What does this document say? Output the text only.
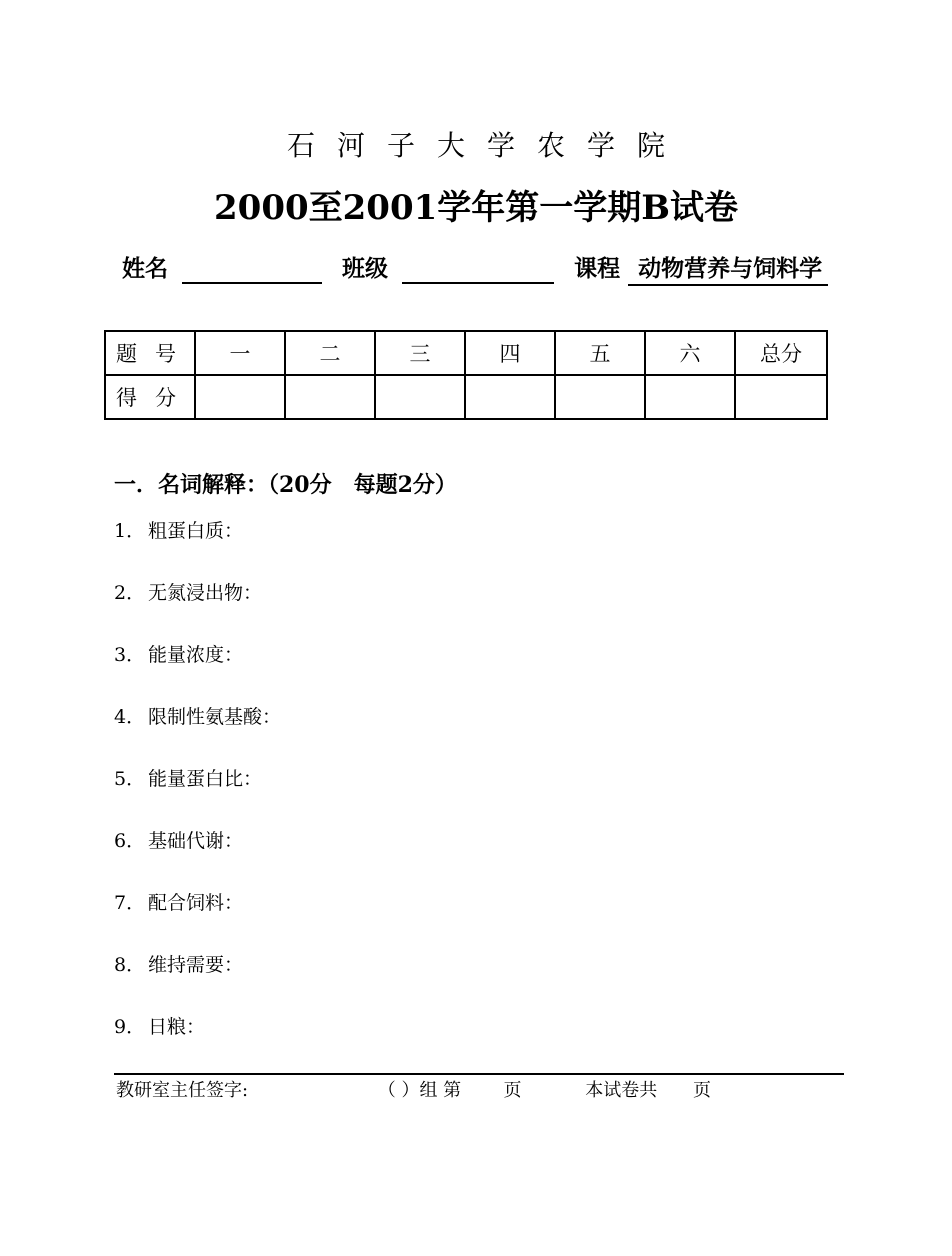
石河子大学农学院
2000至2001学年第一学期B试卷
姓名	班级	课程 动物营养与饲料学
题号	一	二	三	四	五	六	总分
得分							
一．名词解释：（20分　每题2分）
1． 粗蛋白质：
2． 无氮浸出物：
3． 能量浓度：
4． 限制性氨基酸：
5． 能量蛋白比：
6． 基础代谢：
7． 配合饲料：
8． 维持需要：
9． 日粮：
教研室主任签字:	（ ）组 第 页	本试卷共 页
